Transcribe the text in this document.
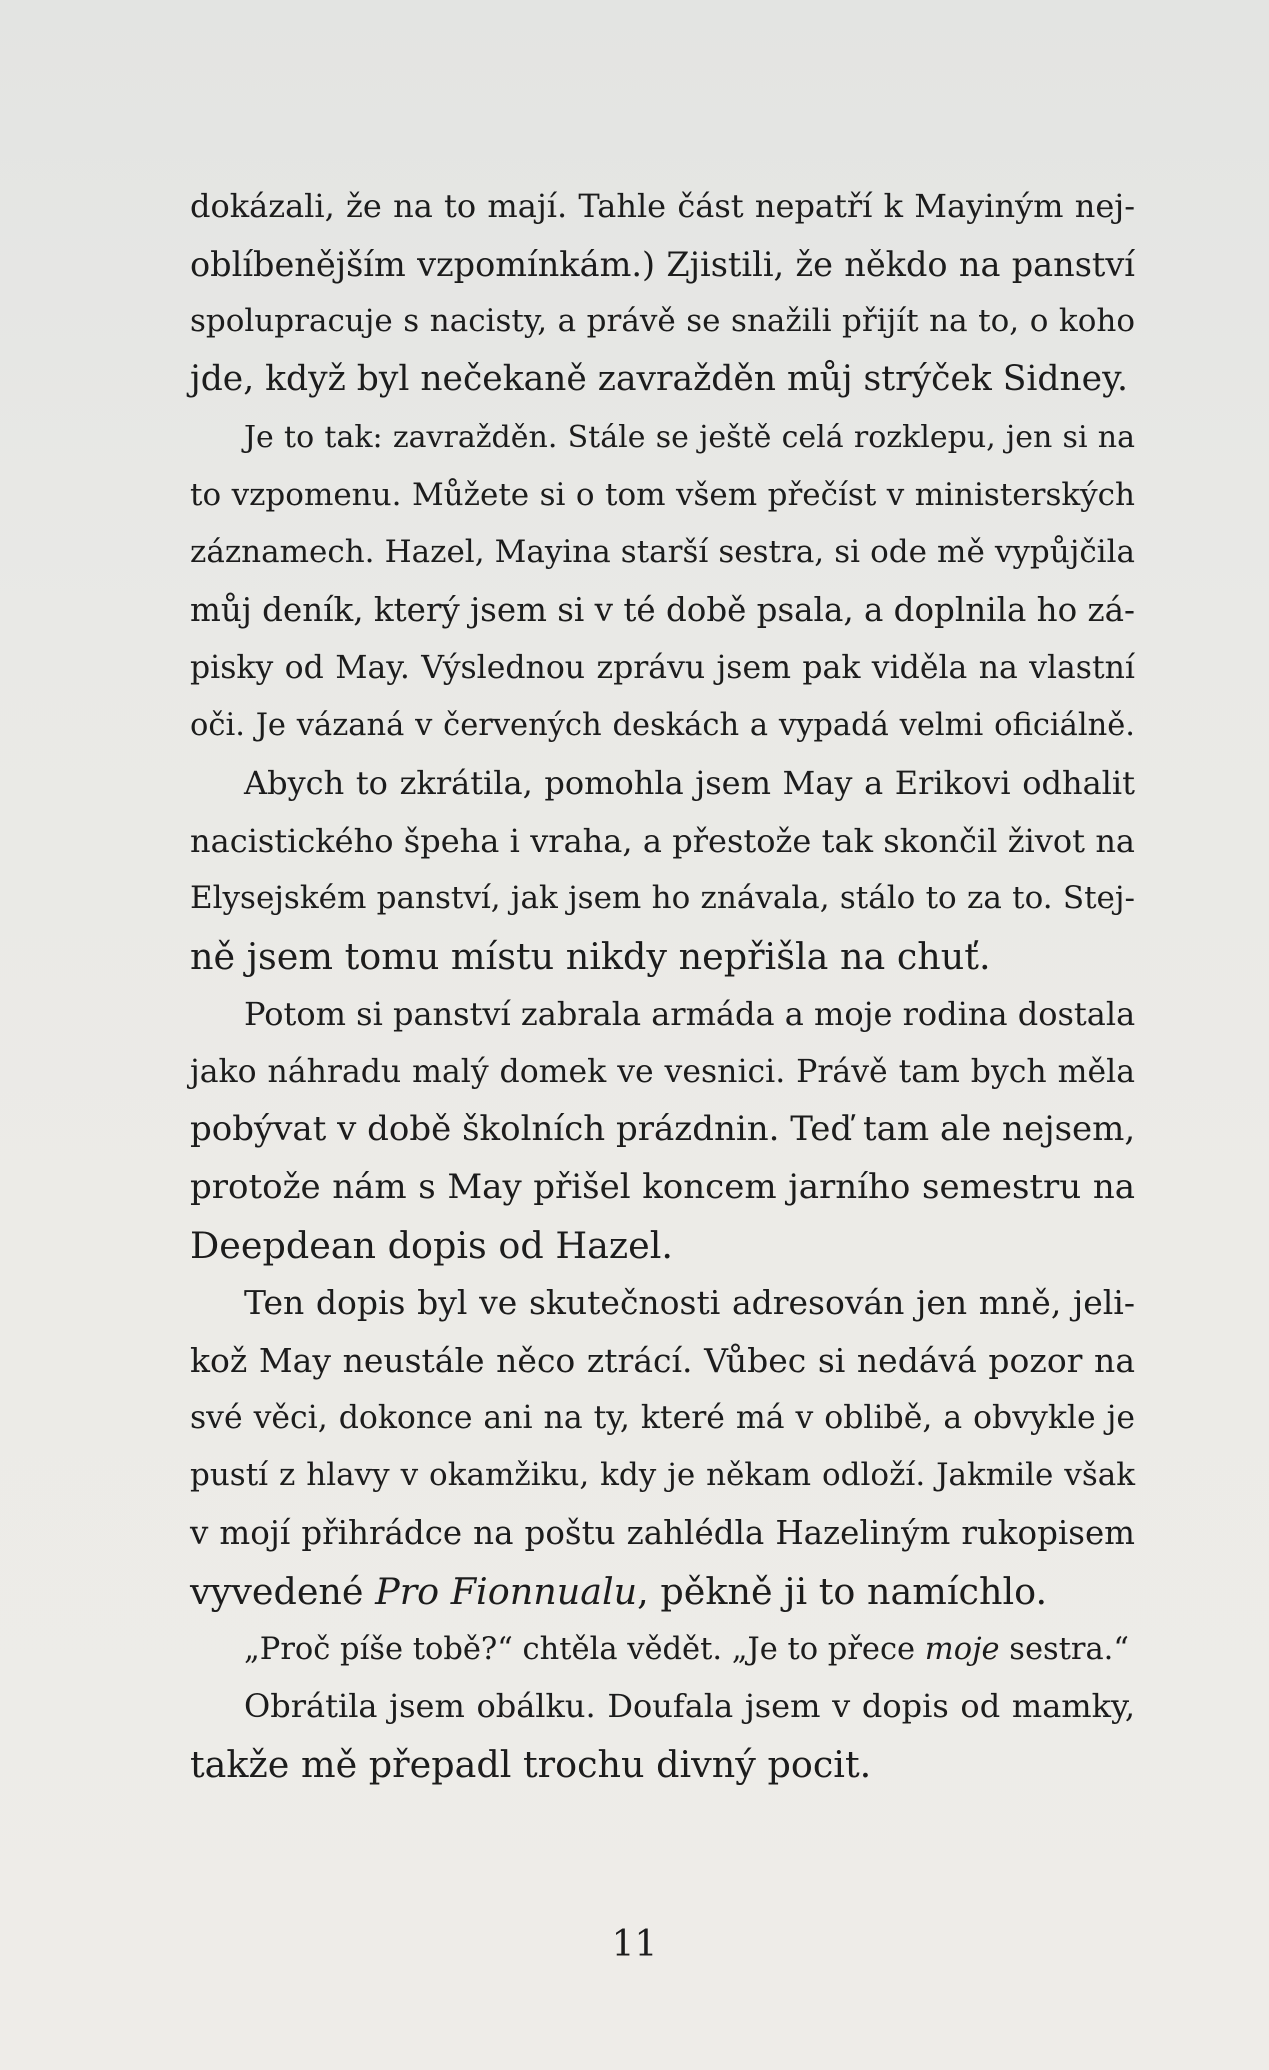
dokázali, že na to mají. Tahle část nepatří k Mayiným nej-
oblíbenějším vzpomínkám.) Zjistili, že někdo na panství
spolupracuje s nacisty, a právě se snažili přijít na to, o koho
jde, když byl nečekaně zavražděn můj strýček Sidney.
Je to tak: zavražděn. Stále se ještě celá rozklepu, jen si na
to vzpomenu. Můžete si o tom všem přečíst v ministerských
záznamech. Hazel, Mayina starší sestra, si ode mě vypůjčila
můj deník, který jsem si v té době psala, a doplnila ho zá-
pisky od May. Výslednou zprávu jsem pak viděla na vlastní
oči. Je vázaná v červených deskách a vypadá velmi oficiálně.
Abych to zkrátila, pomohla jsem May a Erikovi odhalit
nacistického špeha i vraha, a přestože tak skončil život na
Elysejském panství, jak jsem ho znávala, stálo to za to. Stej-
ně jsem tomu místu nikdy nepřišla na chuť.
Potom si panství zabrala armáda a moje rodina dostala
jako náhradu malý domek ve vesnici. Právě tam bych měla
pobývat v době školních prázdnin. Teď tam ale nejsem,
protože nám s May přišel koncem jarního semestru na
Deepdean dopis od Hazel.
Ten dopis byl ve skutečnosti adresován jen mně, jeli-
kož May neustále něco ztrácí. Vůbec si nedává pozor na
své věci, dokonce ani na ty, které má v oblibě, a obvykle je
pustí z hlavy v okamžiku, kdy je někam odloží. Jakmile však
v mojí přihrádce na poštu zahlédla Hazeliným rukopisem
vyvedené Pro Fionnualu, pěkně ji to namíchlo.
„Proč píše tobě?“ chtěla vědět. „Je to přece moje sestra.“
Obrátila jsem obálku. Doufala jsem v dopis od mamky,
takže mě přepadl trochu divný pocit.
11
